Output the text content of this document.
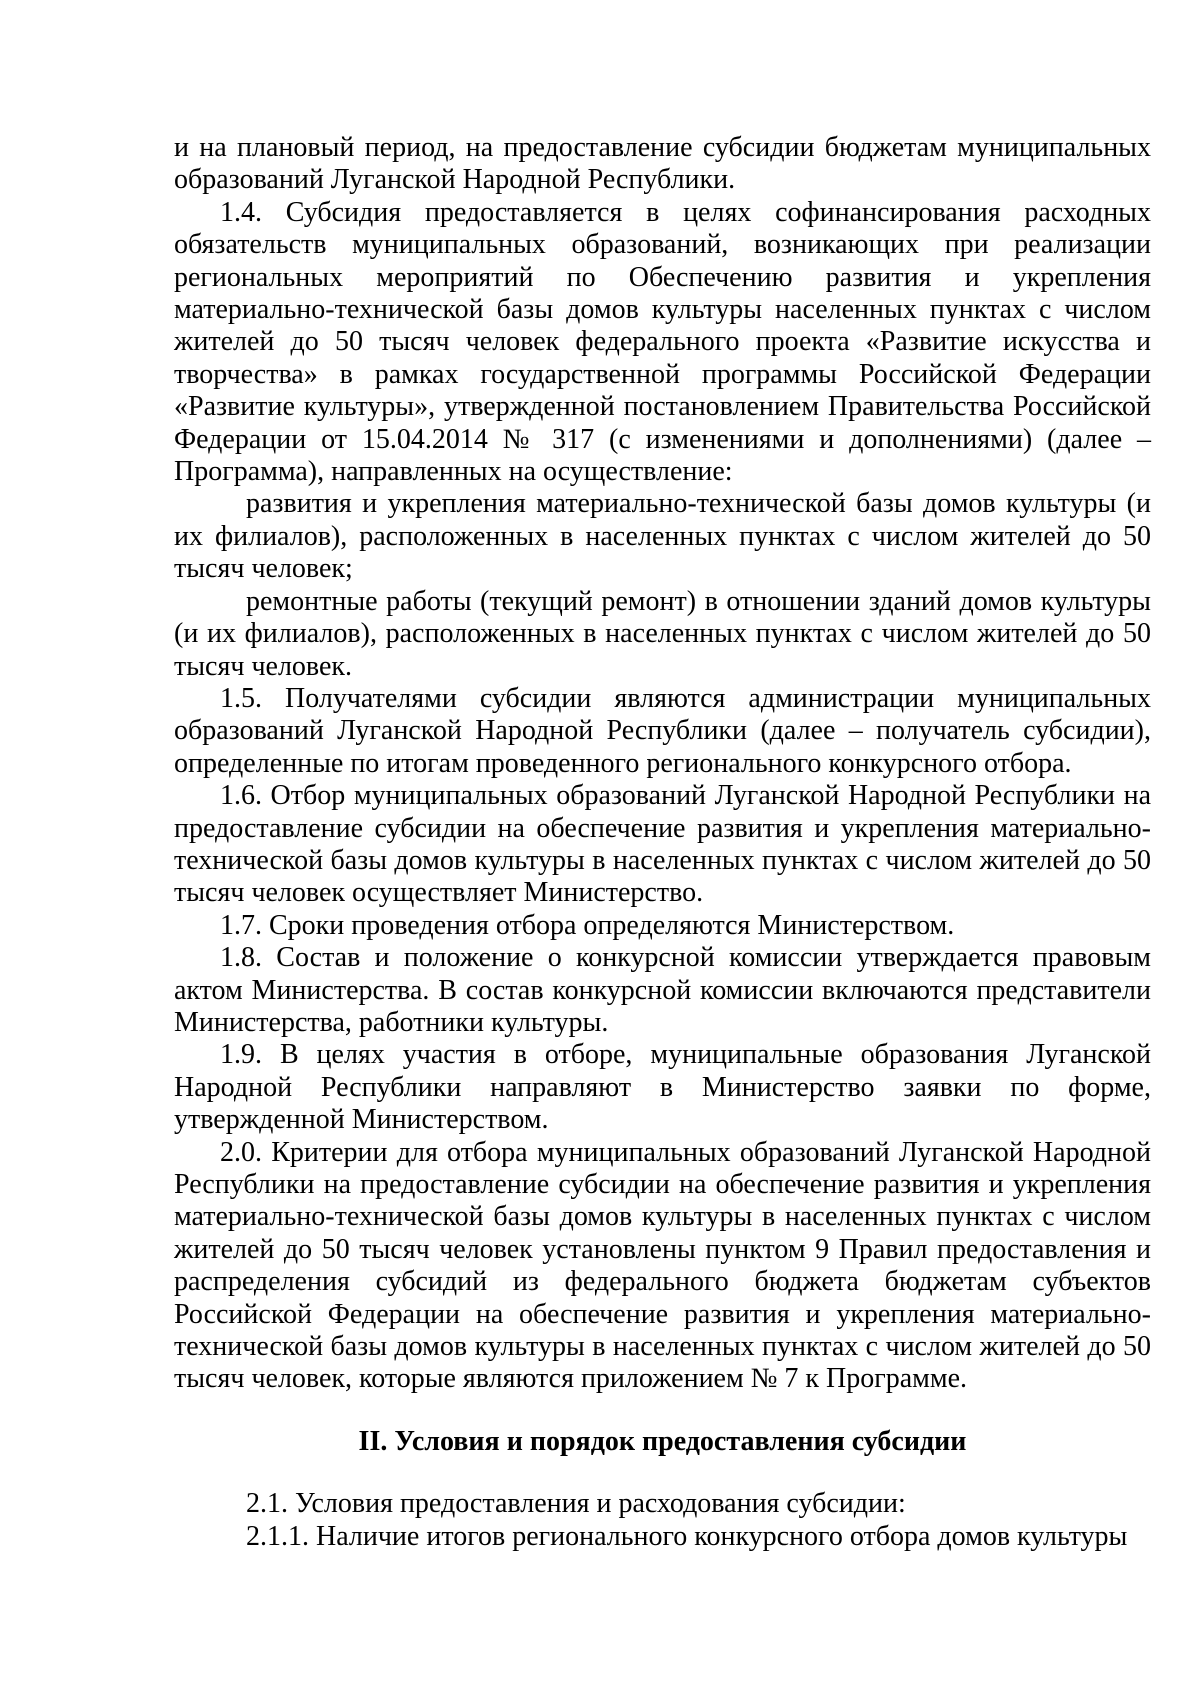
и на плановый период, на предоставление субсидии бюджетам муниципальных образований Луганской Народной Республики.

1.4. Субсидия предоставляется в целях софинансирования расходных обязательств муниципальных образований, возникающих при реализации региональных мероприятий по Обеспечению развития и укрепления материально-технической базы домов культуры населенных пунктах с числом жителей до 50 тысяч человек федерального проекта «Развитие искусства и творчества» в рамках государственной программы Российской Федерации «Развитие культуры», утвержденной постановлением Правительства Российской Федерации от 15.04.2014 № 317 (с изменениями и дополнениями) (далее – Программа), направленных на осуществление:

развития и укрепления материально-технической базы домов культуры (и их филиалов), расположенных в населенных пунктах с числом жителей до 50 тысяч человек;

ремонтные работы (текущий ремонт) в отношении зданий домов культуры (и их филиалов), расположенных в населенных пунктах с числом жителей до 50 тысяч человек.

1.5. Получателями субсидии являются администрации муниципальных образований Луганской Народной Республики (далее – получатель субсидии), определенные по итогам проведенного регионального конкурсного отбора.

1.6. Отбор муниципальных образований Луганской Народной Республики на предоставление субсидии на обеспечение развития и укрепления материально-технической базы домов культуры в населенных пунктах с числом жителей до 50 тысяч человек осуществляет Министерство.

1.7. Сроки проведения отбора определяются Министерством.

1.8. Состав и положение о конкурсной комиссии утверждается правовым актом Министерства. В состав конкурсной комиссии включаются представители Министерства, работники культуры.

1.9. В целях участия в отборе, муниципальные образования Луганской Народной Республики направляют в Министерство заявки по форме, утвержденной Министерством.

2.0. Критерии для отбора муниципальных образований Луганской Народной Республики на предоставление субсидии на обеспечение развития и укрепления материально-технической базы домов культуры в населенных пунктах с числом жителей до 50 тысяч человек установлены пунктом 9 Правил предоставления и распределения субсидий из федерального бюджета бюджетам субъектов Российской Федерации на обеспечение развития и укрепления материально-технической базы домов культуры в населенных пунктах с числом жителей до 50 тысяч человек, которые являются приложением № 7 к Программе.

II. Условия и порядок предоставления субсидии

2.1. Условия предоставления и расходования субсидии:

2.1.1. Наличие итогов регионального конкурсного отбора домов культуры
